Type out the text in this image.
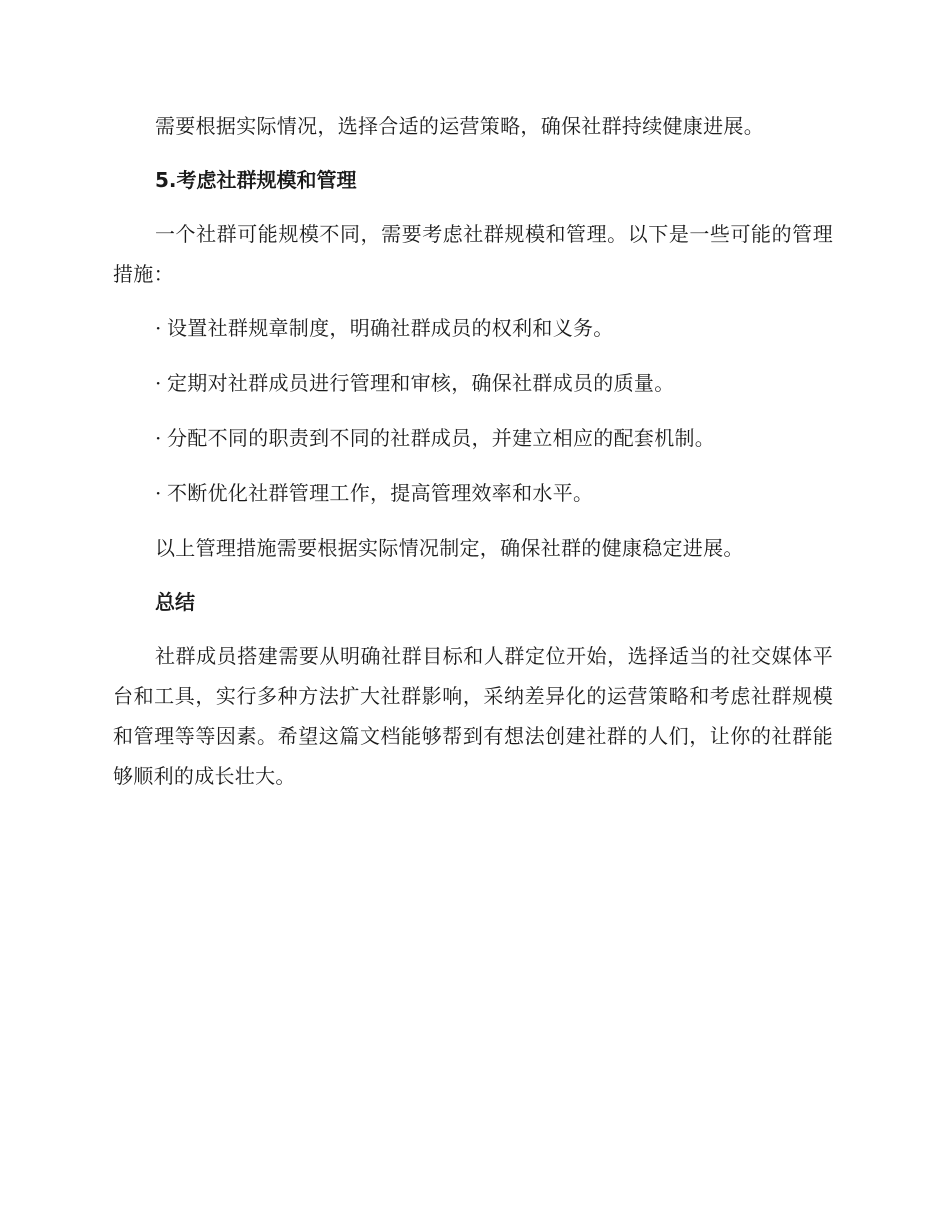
需要根据实际情况，选择合适的运营策略，确保社群持续健康进展。

5.考虑社群规模和管理

一个社群可能规模不同，需要考虑社群规模和管理。以下是一些可能的管理措施：

· 设置社群规章制度，明确社群成员的权利和义务。

· 定期对社群成员进行管理和审核，确保社群成员的质量。

· 分配不同的职责到不同的社群成员，并建立相应的配套机制。

· 不断优化社群管理工作，提高管理效率和水平。

以上管理措施需要根据实际情况制定，确保社群的健康稳定进展。

总结

社群成员搭建需要从明确社群目标和人群定位开始，选择适当的社交媒体平台和工具，实行多种方法扩大社群影响，采纳差异化的运营策略和考虑社群规模和管理等等因素。希望这篇文档能够帮到有想法创建社群的人们，让你的社群能够顺利的成长壮大。
